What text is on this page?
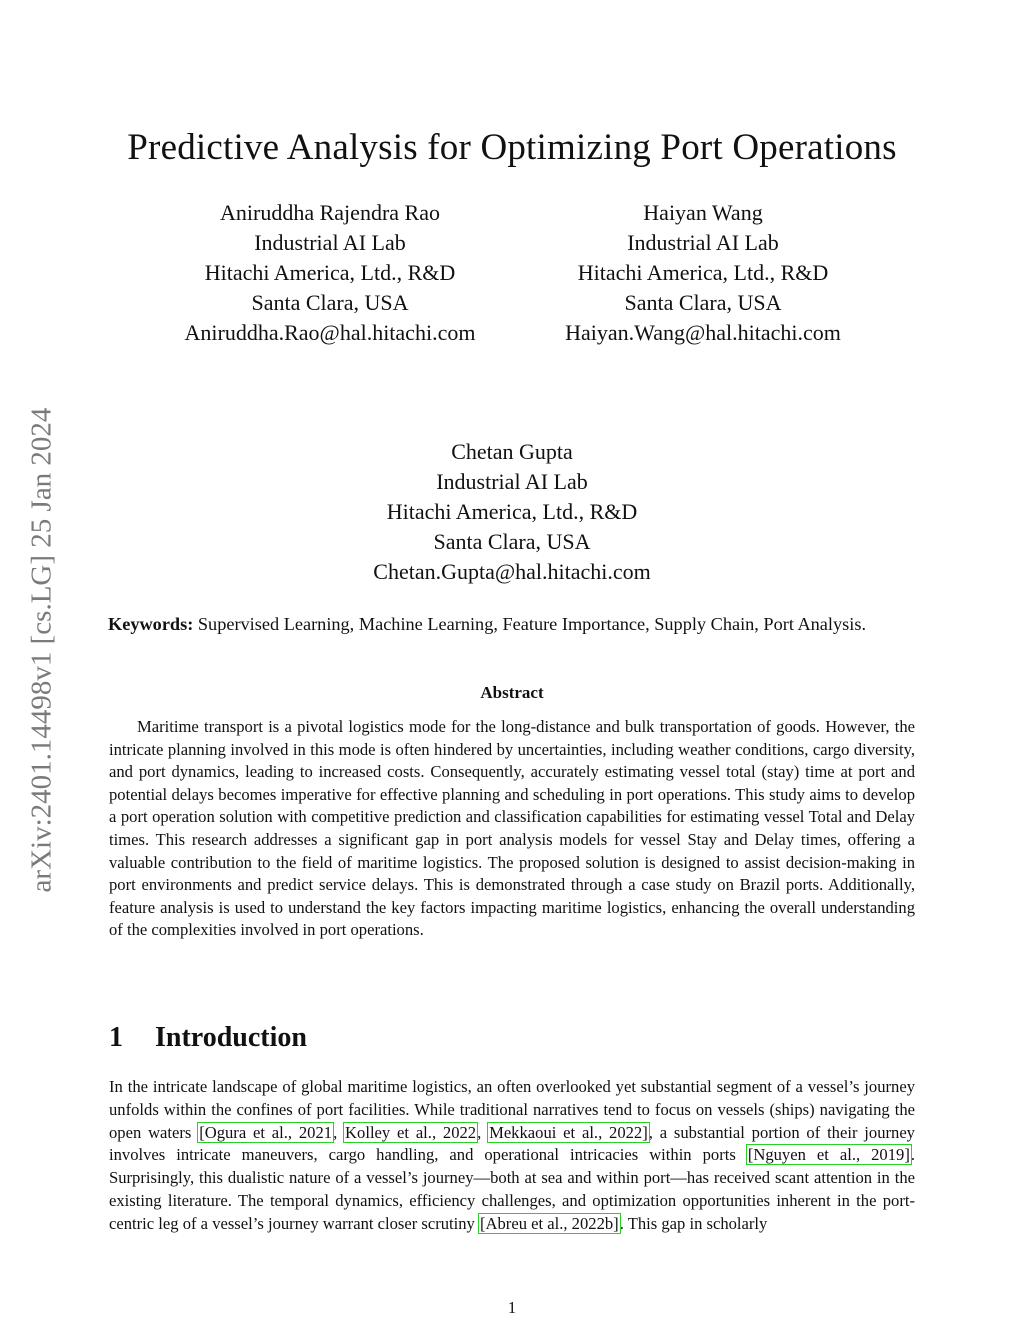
arXiv:2401.14498v1 [cs.LG] 25 Jan 2024
Predictive Analysis for Optimizing Port Operations
Aniruddha Rajendra Rao
Industrial AI Lab
Hitachi America, Ltd., R&D
Santa Clara, USA
Aniruddha.Rao@hal.hitachi.com
Haiyan Wang
Industrial AI Lab
Hitachi America, Ltd., R&D
Santa Clara, USA
Haiyan.Wang@hal.hitachi.com
Chetan Gupta
Industrial AI Lab
Hitachi America, Ltd., R&D
Santa Clara, USA
Chetan.Gupta@hal.hitachi.com
Keywords: Supervised Learning, Machine Learning, Feature Importance, Supply Chain, Port Analysis.
Abstract

Maritime transport is a pivotal logistics mode for the long-distance and bulk transportation of goods. However, the intricate planning involved in this mode is often hindered by uncertainties, including weather conditions, cargo diversity, and port dynamics, leading to increased costs. Consequently, accurately estimating vessel total (stay) time at port and potential delays becomes imperative for effective planning and scheduling in port operations. This study aims to develop a port operation solution with competitive prediction and classification capabilities for estimating vessel Total and Delay times. This research addresses a significant gap in port analysis models for vessel Stay and Delay times, offering a valuable contribution to the field of maritime logistics. The proposed solution is designed to assist decision-making in port environments and predict service delays. This is demonstrated through a case study on Brazil ports. Additionally, feature analysis is used to understand the key factors impacting maritime logistics, enhancing the overall understanding of the complexities involved in port operations.

1 Introduction

In the intricate landscape of global maritime logistics, an often overlooked yet substantial segment of a vessel’s journey unfolds within the confines of port facilities. While traditional narratives tend to focus on vessels (ships) navigating the open waters [Ogura et al., 2021, Kolley et al., 2022, Mekkaoui et al., 2022], a substantial portion of their journey involves intricate maneuvers, cargo handling, and operational intricacies within ports [Nguyen et al., 2019]. Surprisingly, this dualistic nature of a vessel’s journey—both at sea and within port—has received scant attention in the existing literature. The temporal dynamics, efficiency challenges, and optimization opportunities inherent in the port-centric leg of a vessel’s journey warrant closer scrutiny [Abreu et al., 2022b]. This gap in scholarly

1
